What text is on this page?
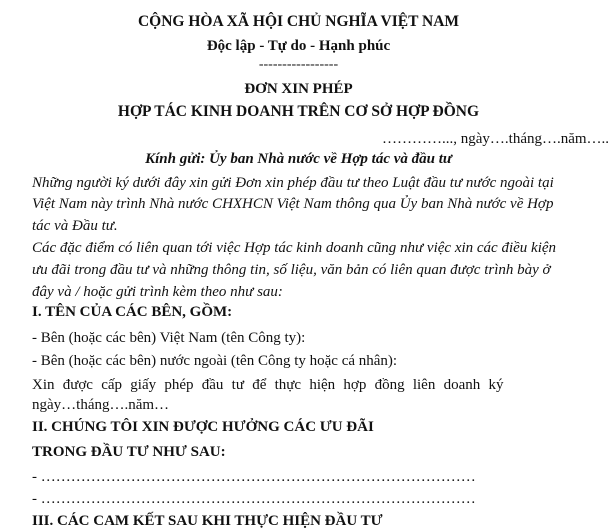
CỘNG HÒA XÃ HỘI CHỦ NGHĨA VIỆT NAM
Độc lập - Tự do - Hạnh phúc
-----------------
ĐƠN XIN PHÉP
HỢP TÁC KINH DOANH TRÊN CƠ SỞ HỢP ĐỒNG
…………..., ngày….tháng….năm…..
Kính gửi: Ủy ban Nhà nước về Hợp tác và đầu tư
Những người ký dưới đây xin gửi Đơn xin phép đầu tư theo Luật đầu tư nước ngoài tại
Việt Nam này trình Nhà nước CHXHCN Việt Nam thông qua Ủy ban Nhà nước về Hợp
tác và Đầu tư.
Các đặc điểm có liên quan tới việc Hợp tác kinh doanh cũng như việc xin các điều kiện
ưu đãi trong đầu tư và những thông tin, số liệu, văn bản có liên quan được trình bày ở
đây và / hoặc gửi trình kèm theo như sau:
I. TÊN CỦA CÁC BÊN, GỒM:
- Bên (hoặc các bên) Việt Nam (tên Công ty):
- Bên (hoặc các bên) nước ngoài (tên Công ty hoặc cá nhân):
Xin được cấp giấy phép đầu tư để thực hiện hợp đồng liên doanh ký
ngày…tháng….năm…
II. CHÚNG TÔI XIN ĐƯỢC HƯỞNG CÁC ƯU ĐÃI
TRONG ĐẦU TƯ NHƯ SAU:
- ……………………………………………………………………………
- ……………………………………………………………………………
III. CÁC CAM KẾT SAU KHI THỰC HIỆN ĐẦU TƯ
